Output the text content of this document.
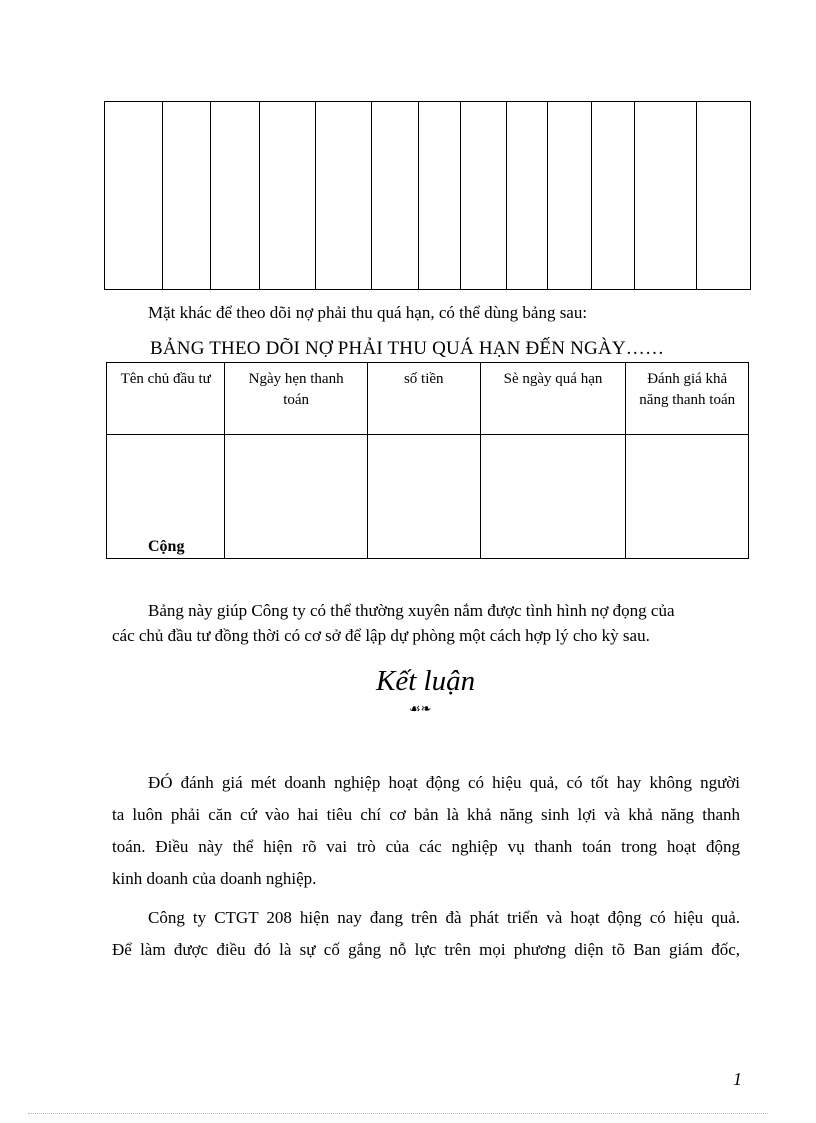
Mặt khác để theo dõi nợ phải thu quá hạn, có thể dùng bảng sau:
BẢNG THEO DÕI NỢ PHẢI THU QUÁ HẠN ĐẾN NGÀY……
Tên chủ đầu tư	Ngày hẹn thanh toán	số tiền	Sè ngày quá hạn	Đánh giá khả năng thanh toán

Cộng				

Bảng này giúp Công ty có thể thường xuyên nắm được tình hình nợ đọng của
các chủ đầu tư đồng thời có cơ sở để lập dự phòng một cách hợp lý cho kỳ sau.
Kết luận
☙❧
ĐÓ đánh giá mét doanh nghiệp hoạt động có hiệu quả, có tốt hay không người
ta luôn phải căn cứ vào hai tiêu chí cơ bản là khả năng sinh lợi và khả năng thanh
toán. Điều này thể hiện rõ vai trò của các nghiệp vụ thanh toán trong hoạt động
kinh doanh của doanh nghiệp.
Công ty CTGT 208 hiện nay đang trên đà phát triển và hoạt động có hiệu quả.
Để làm được điều đó là sự cố gắng nỗ lực trên mọi phương diện tõ Ban giám đốc,
1
